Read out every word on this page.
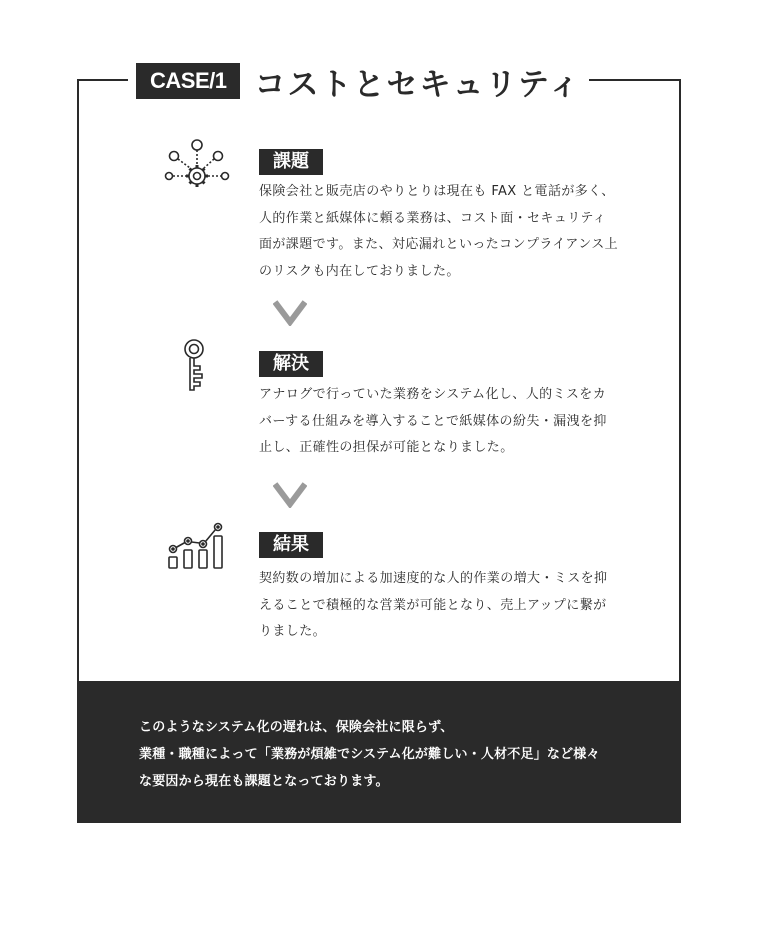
CASE/1 コストとセキュリティ
課題

保険会社と販売店のやりとりは現在も FAX と電話が多く、人的作業と紙媒体に頼る業務は、コスト面・セキュリティ面が課題です。また、対応漏れといったコンプライアンス上のリスクも内在しておりました。

解決

アナログで行っていた業務をシステム化し、人的ミスをカバーする仕組みを導入することで紙媒体の紛失・漏洩を抑止し、正確性の担保が可能となりました。

結果

契約数の増加による加速度的な人的作業の増大・ミスを抑えることで積極的な営業が可能となり、売上アップに繋がりました。

このようなシステム化の遅れは、保険会社に限らず、

業種・職種によって「業務が煩雑でシステム化が難しい・人材不足」など様々

な要因から現在も課題となっております。
